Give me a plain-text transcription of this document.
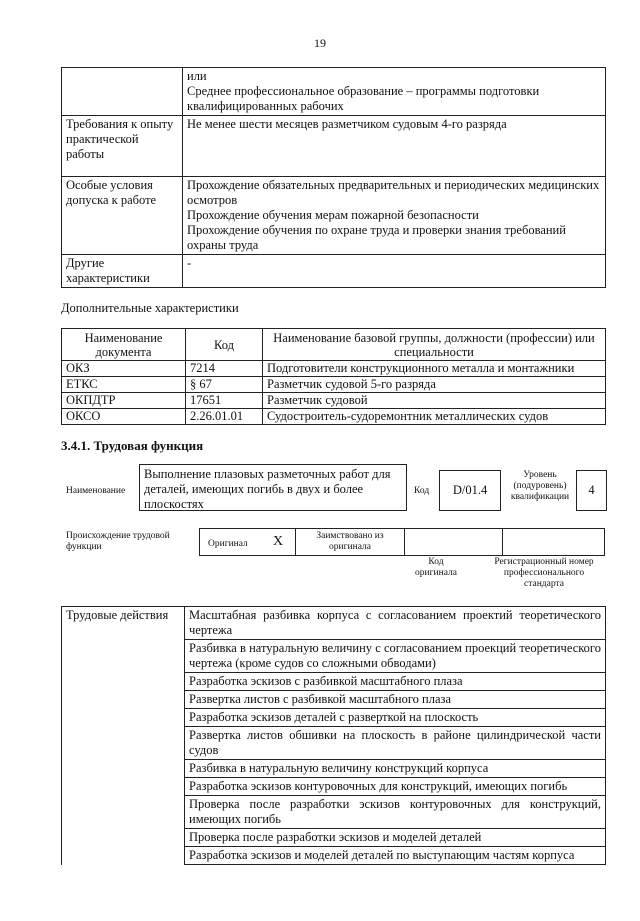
19

	или
Среднее профессиональное образование – программы подготовки квалифицированных рабочих

Требования к опыту практической работы	Не менее шести месяцев разметчиком судовым 4-го разряда

Особые условия допуска к работе	Прохождение обязательных предварительных и периодических медицинских осмотров
Прохождение обучения мерам пожарной безопасности
Прохождение обучения по охране труда и проверки знания требований охраны труда

Другие характеристики	-
Дополнительные характеристики
Наименование документа	Код	Наименование базовой группы, должности (профессии) или специальности
ОКЗ	7214	Подготовители конструкционного металла и монтажники
ЕТКС	§ 67	Разметчик судовой 5-го разряда
ОКПДТР	17651	Разметчик судовой
ОКСО	2.26.01.01	Судостроитель-судоремонтник металлических судов
3.4.1. Трудовая функция
Наименование
Выполнение плазовых разметочных работ для деталей, имеющих погибь в двух и более плоскостях
Код	D/01.4
Уровень (подуровень) квалификации	4
Происхождение трудовой функции	Оригинал X	Заимствовано из оригинала
Код оригинала
Регистрационный номер профессионального стандарта
Трудовые действия	Масштабная разбивка корпуса с согласованием проектий теоретического чертежа
Разбивка в натуральную величину с согласованием проекций теоретического чертежа (кроме судов со сложными обводами)
Разработка эскизов с разбивкой масштабного плаза
Развертка листов с разбивкой масштабного плаза
Разработка эскизов деталей с разверткой на плоскость
Развертка листов обшивки на плоскость в районе цилиндрической части судов
Разбивка в натуральную величину конструкций корпуса
Разработка эскизов контуровочных для конструкций, имеющих погибь
Проверка после разработки эскизов контуровочных для конструкций, имеющих погибь
Проверка после разработки эскизов и моделей деталей
Разработка эскизов и моделей деталей по выступающим частям корпуса
